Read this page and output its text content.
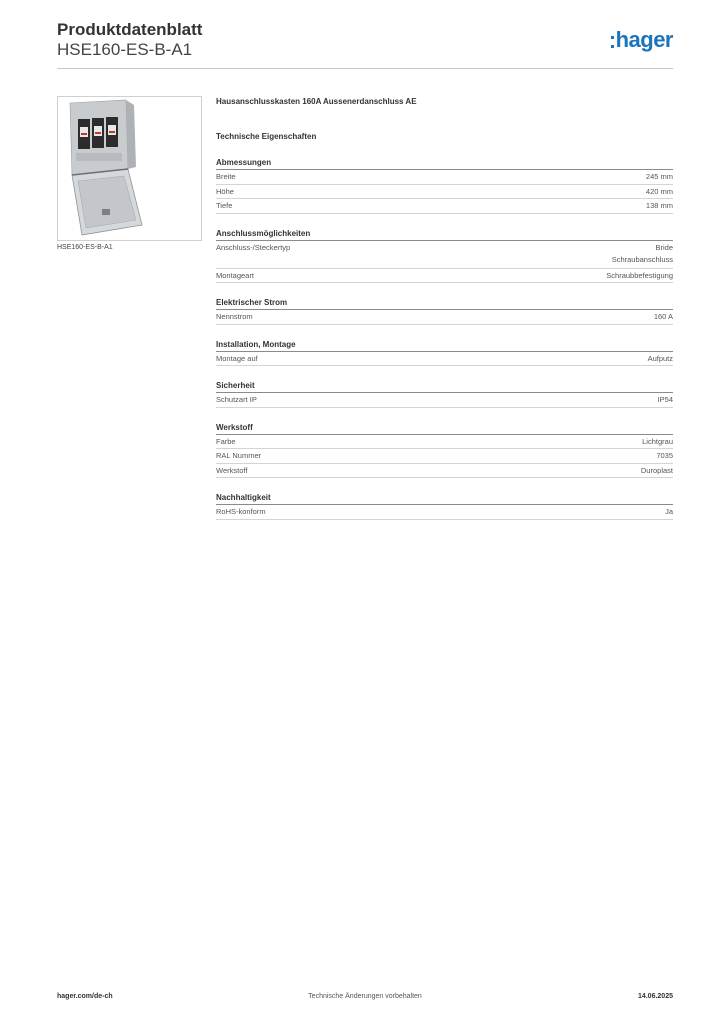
Produktdatenblatt
HSE160-ES-B-A1	hager
HSE160-ES-B-A1
Hausanschlusskasten 160A Aussenerdanschluss AE
Technische Eigenschaften
Abmessungen
Breite	245 mm
Höhe	420 mm
Tiefe	138 mm
Anschlussmöglichkeiten
Anschluss-/Steckertyp	Bride
Schraubanschluss
Montageart	Schraubbefestigung
Elektrischer Strom
Nennstrom	160 A
Installation, Montage
Montage auf	Aufputz
Sicherheit
Schutzart IP	IP54
Werkstoff
Farbe	Lichtgrau
RAL Nummer	7035
Werkstoff	Duroplast
Nachhaltigkeit
RoHS-konform	Ja
hager.com/de-ch	Technische Änderungen vorbehalten	14.06.2025
